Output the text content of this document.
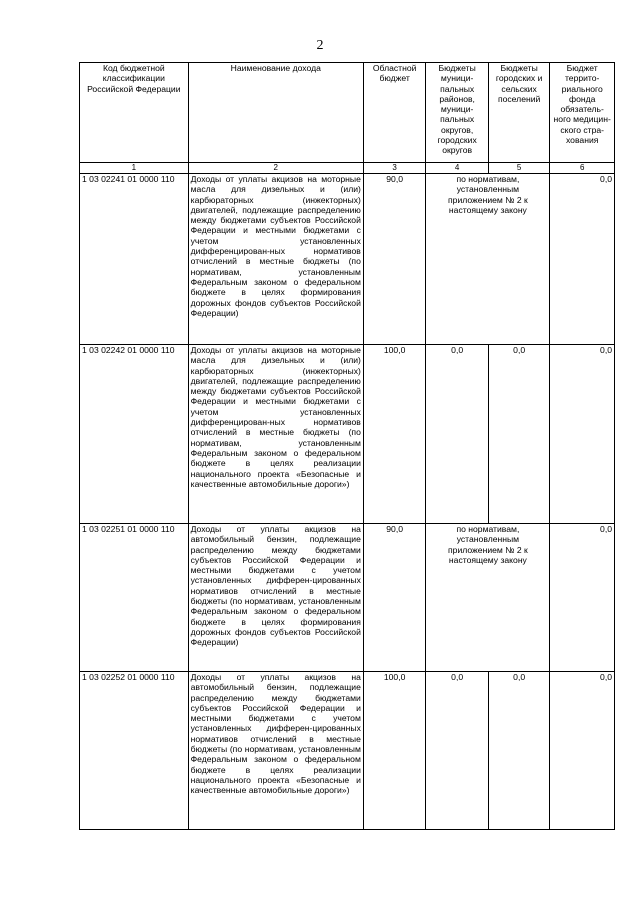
2
Код бюджетной классификации Российской Федерации	Наименование дохода	Областной бюджет	Бюджеты муници-пальных районов, муници-пальных округов, городских округов	Бюджеты городских и сельских поселений	Бюджет террито-риального фонда обязатель-ного медицин-ского стра-хования
1	2	3	4	5	6
1 03 02241 01 0000 110	Доходы от уплаты акцизов на моторные масла для дизельных и (или) карбюраторных (инжекторных) двигателей, подлежащие распределению между бюджетами субъектов Российской Федерации и местными бюджетами с учетом установленных дифференцирован-ных нормативов отчислений в местные бюджеты (по нормативам, установленным Федеральным законом о федеральном бюджете в целях формирования дорожных фондов субъектов Российской Федерации)	90,0	по нормативам, установленным приложением № 2 к настоящему закону		0,0
1 03 02242 01 0000 110	Доходы от уплаты акцизов на моторные масла для дизельных и (или) карбюраторных (инжекторных) двигателей, подлежащие распределению между бюджетами субъектов Российской Федерации и местными бюджетами с учетом установленных дифференцирован-ных нормативов отчислений в местные бюджеты (по нормативам, установленным Федеральным законом о федеральном бюджете в целях реализации национального проекта «Безопасные и качественные автомобильные дороги»)	100,0	0,0	0,0	0,0
1 03 02251 01 0000 110	Доходы от уплаты акцизов на автомобильный бензин, подлежащие распределению между бюджетами субъектов Российской Федерации и местными бюджетами с учетом установленных дифферен-цированных нормативов отчислений в местные бюджеты (по нормативам, установленным Федеральным законом о федеральном бюджете в целях формирования дорожных фондов субъектов Российской Федерации)	90,0	по нормативам, установленным приложением № 2 к настоящему закону		0,0
1 03 02252 01 0000 110	Доходы от уплаты акцизов на автомобильный бензин, подлежащие распределению между бюджетами субъектов Российской Федерации и местными бюджетами с учетом установленных дифферен-цированных нормативов отчислений в местные бюджеты (по нормативам, установленным Федеральным законом о федеральном бюджете в целях реализации национального проекта «Безопасные и качественные автомобильные дороги»)	100,0	0,0	0,0	0,0
